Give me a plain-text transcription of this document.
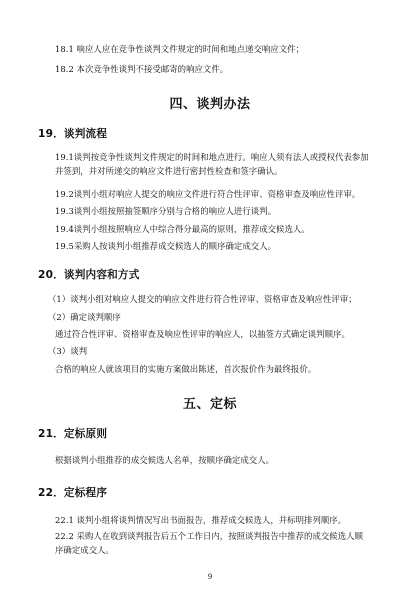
18.1 响应人应在竞争性谈判文件规定的时间和地点递交响应文件；
18.2 本次竞争性谈判不接受邮寄的响应文件。
四、谈判办法
19．谈判流程
19.1谈判按竞争性谈判文件规定的时间和地点进行。响应人须有法人或授权代表参加并签到，并对所递交的响应文件进行密封性检查和签字确认。
19.2谈判小组对响应人提交的响应文件进行符合性评审、资格审查及响应性评审。
19.3谈判小组按照抽签顺序分别与合格的响应人进行谈判。
19.4谈判小组按照响应人中综合得分最高的原则，推荐成交候选人。
19.5采购人按谈判小组推荐成交候选人的顺序确定成交人。
20．谈判内容和方式
（1）谈判小组对响应人提交的响应文件进行符合性评审、资格审查及响应性评审；
（2）确定谈判顺序
通过符合性评审、资格审查及响应性评审的响应人，以抽签方式确定谈判顺序。
（3）谈判
合格的响应人就该项目的实施方案做出陈述，首次报价作为最终报价。
五、定标
21．定标原则
根据谈判小组推荐的成交候选人名单，按顺序确定成交人。
22．定标程序
22.1 谈判小组将谈判情况写出书面报告，推荐成交候选人，并标明排列顺序。
22.2 采购人在收到谈判报告后五个工作日内，按照谈判报告中推荐的成交候选人顺序确定成交人。
9
